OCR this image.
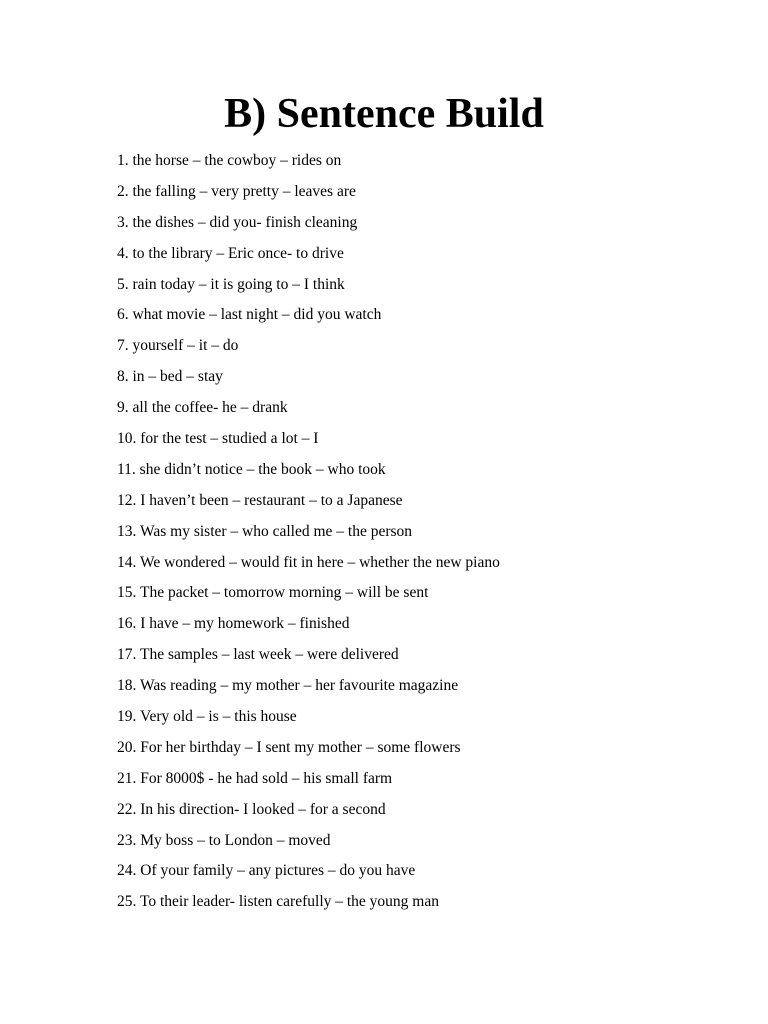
B) Sentence Build
1. the horse – the cowboy – rides on
2. the falling – very pretty – leaves are
3. the dishes – did you- finish cleaning
4. to the library – Eric once- to drive
5. rain today – it is going to – I think
6. what movie – last night – did you watch
7. yourself – it – do
8. in – bed – stay
9. all the coffee- he – drank
10. for the test – studied a lot – I
11. she didn’t notice – the book – who took
12. I haven’t been – restaurant – to a Japanese
13. Was my sister – who called me – the person
14. We wondered – would fit in here – whether the new piano
15. The packet – tomorrow morning – will be sent
16. I have – my homework – finished
17. The samples – last week – were delivered
18. Was reading – my mother – her favourite magazine
19. Very old – is – this house
20. For her birthday – I sent my mother – some flowers
21. For 8000$ - he had sold – his small farm
22. In his direction- I looked – for a second
23. My boss – to London – moved
24. Of your family – any pictures – do you have
25. To their leader- listen carefully – the young man
